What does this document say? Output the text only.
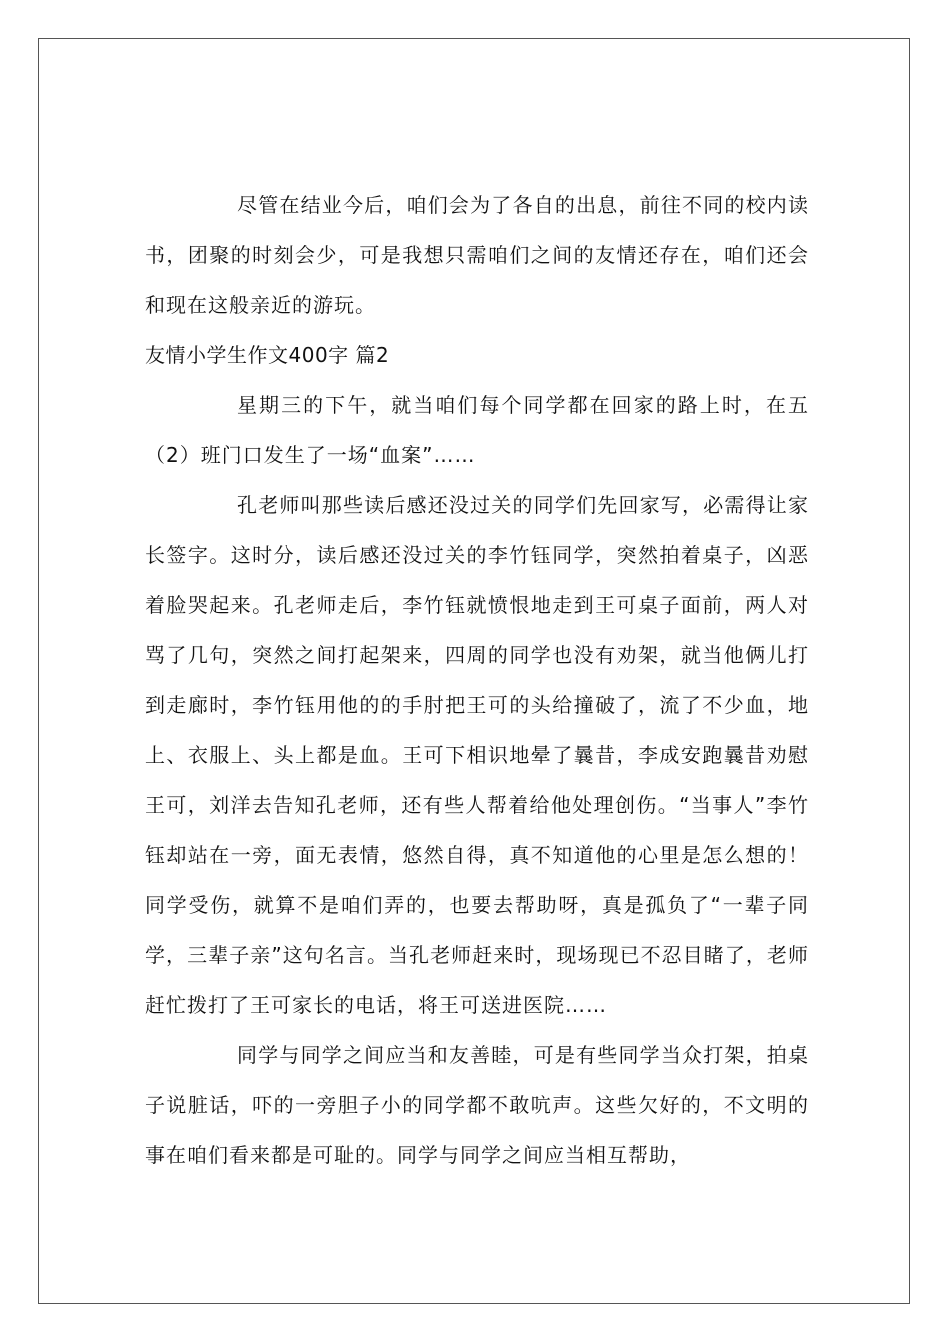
尽管在结业今后，咱们会为了各自的出息，前往不同的校内读书，团聚的时刻会少，可是我想只需咱们之间的友情还存在，咱们还会和现在这般亲近的游玩。

友情小学生作文400字 篇2

星期三的下午，就当咱们每个同学都在回家的路上时，在五（2）班门口发生了一场“血案”……

孔老师叫那些读后感还没过关的同学们先回家写，必需得让家长签字。这时分，读后感还没过关的李竹钰同学，突然拍着桌子，凶恶着脸哭起来。孔老师走后，李竹钰就愤恨地走到王可桌子面前，两人对骂了几句，突然之间打起架来，四周的同学也没有劝架，就当他俩儿打到走廊时，李竹钰用他的的手肘把王可的头给撞破了，流了不少血，地上、衣服上、头上都是血。王可下相识地晕了曩昔，李成安跑曩昔劝慰王可，刘洋去告知孔老师，还有些人帮着给他处理创伤。“当事人”李竹钰却站在一旁，面无表情，悠然自得，真不知道他的心里是怎么想的！同学受伤，就算不是咱们弄的，也要去帮助呀，真是孤负了“一辈子同学，三辈子亲”这句名言。当孔老师赶来时，现场现已不忍目睹了，老师赶忙拨打了王可家长的电话，将王可送进医院……

同学与同学之间应当和友善睦，可是有些同学当众打架，拍桌子说脏话，吓的一旁胆子小的同学都不敢吭声。这些欠好的，不文明的事在咱们看来都是可耻的。同学与同学之间应当相互帮助，
